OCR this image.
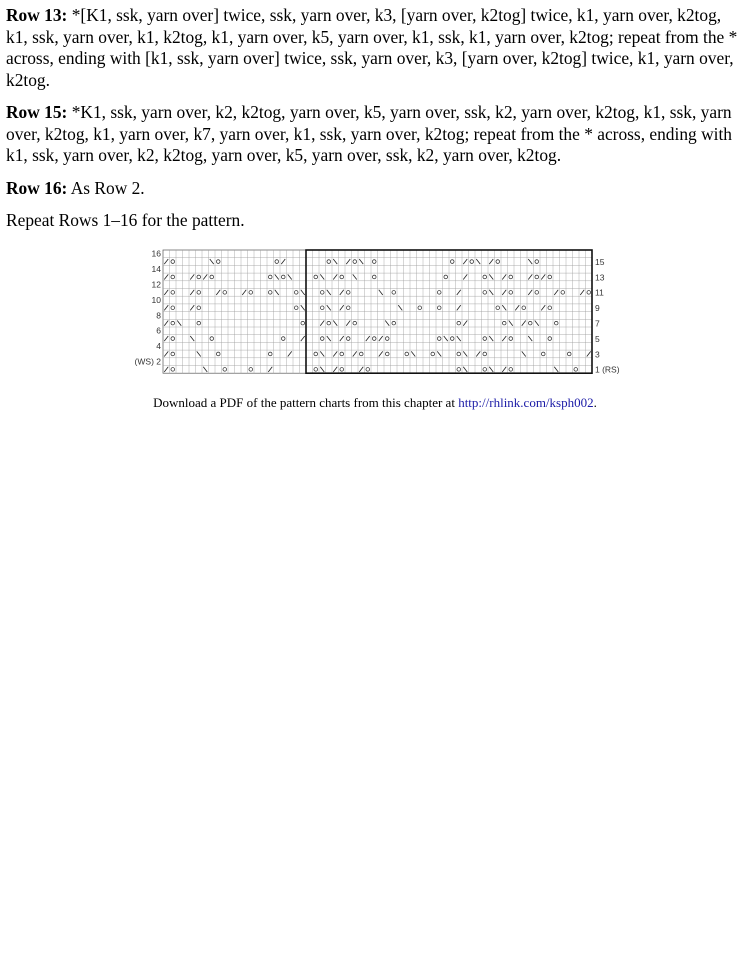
Row 13: *[K1, ssk, yarn over] twice, ssk, yarn over, k3, [yarn over, k2tog] twice, k1, yarn over, k2tog, k1, ssk, yarn over, k1, k2tog, k1, yarn over, k5, yarn over, k1, ssk, k1, yarn over, k2tog; repeat from the * across, ending with [k1, ssk, yarn over] twice, ssk, yarn over, k3, [yarn over, k2tog] twice, k1, yarn over, k2tog.

Row 15: *K1, ssk, yarn over, k2, k2tog, yarn over, k5, yarn over, ssk, k2, yarn over, k2tog, k1, ssk, yarn over, k2tog, k1, yarn over, k7, yarn over, k1, ssk, yarn over, k2tog; repeat from the * across, ending with k1, ssk, yarn over, k2, k2tog, yarn over, k5, yarn over, ssk, k2, yarn over, k2tog.

Row 16: As Row 2.

Repeat Rows 1–16 for the pattern.

16
14
12
10
8
6
4
(WS) 2
15
13
11
9
7
5
3
1 (RS)
Download a PDF of the pattern charts from this chapter at http://rhlink.com/ksph002.
